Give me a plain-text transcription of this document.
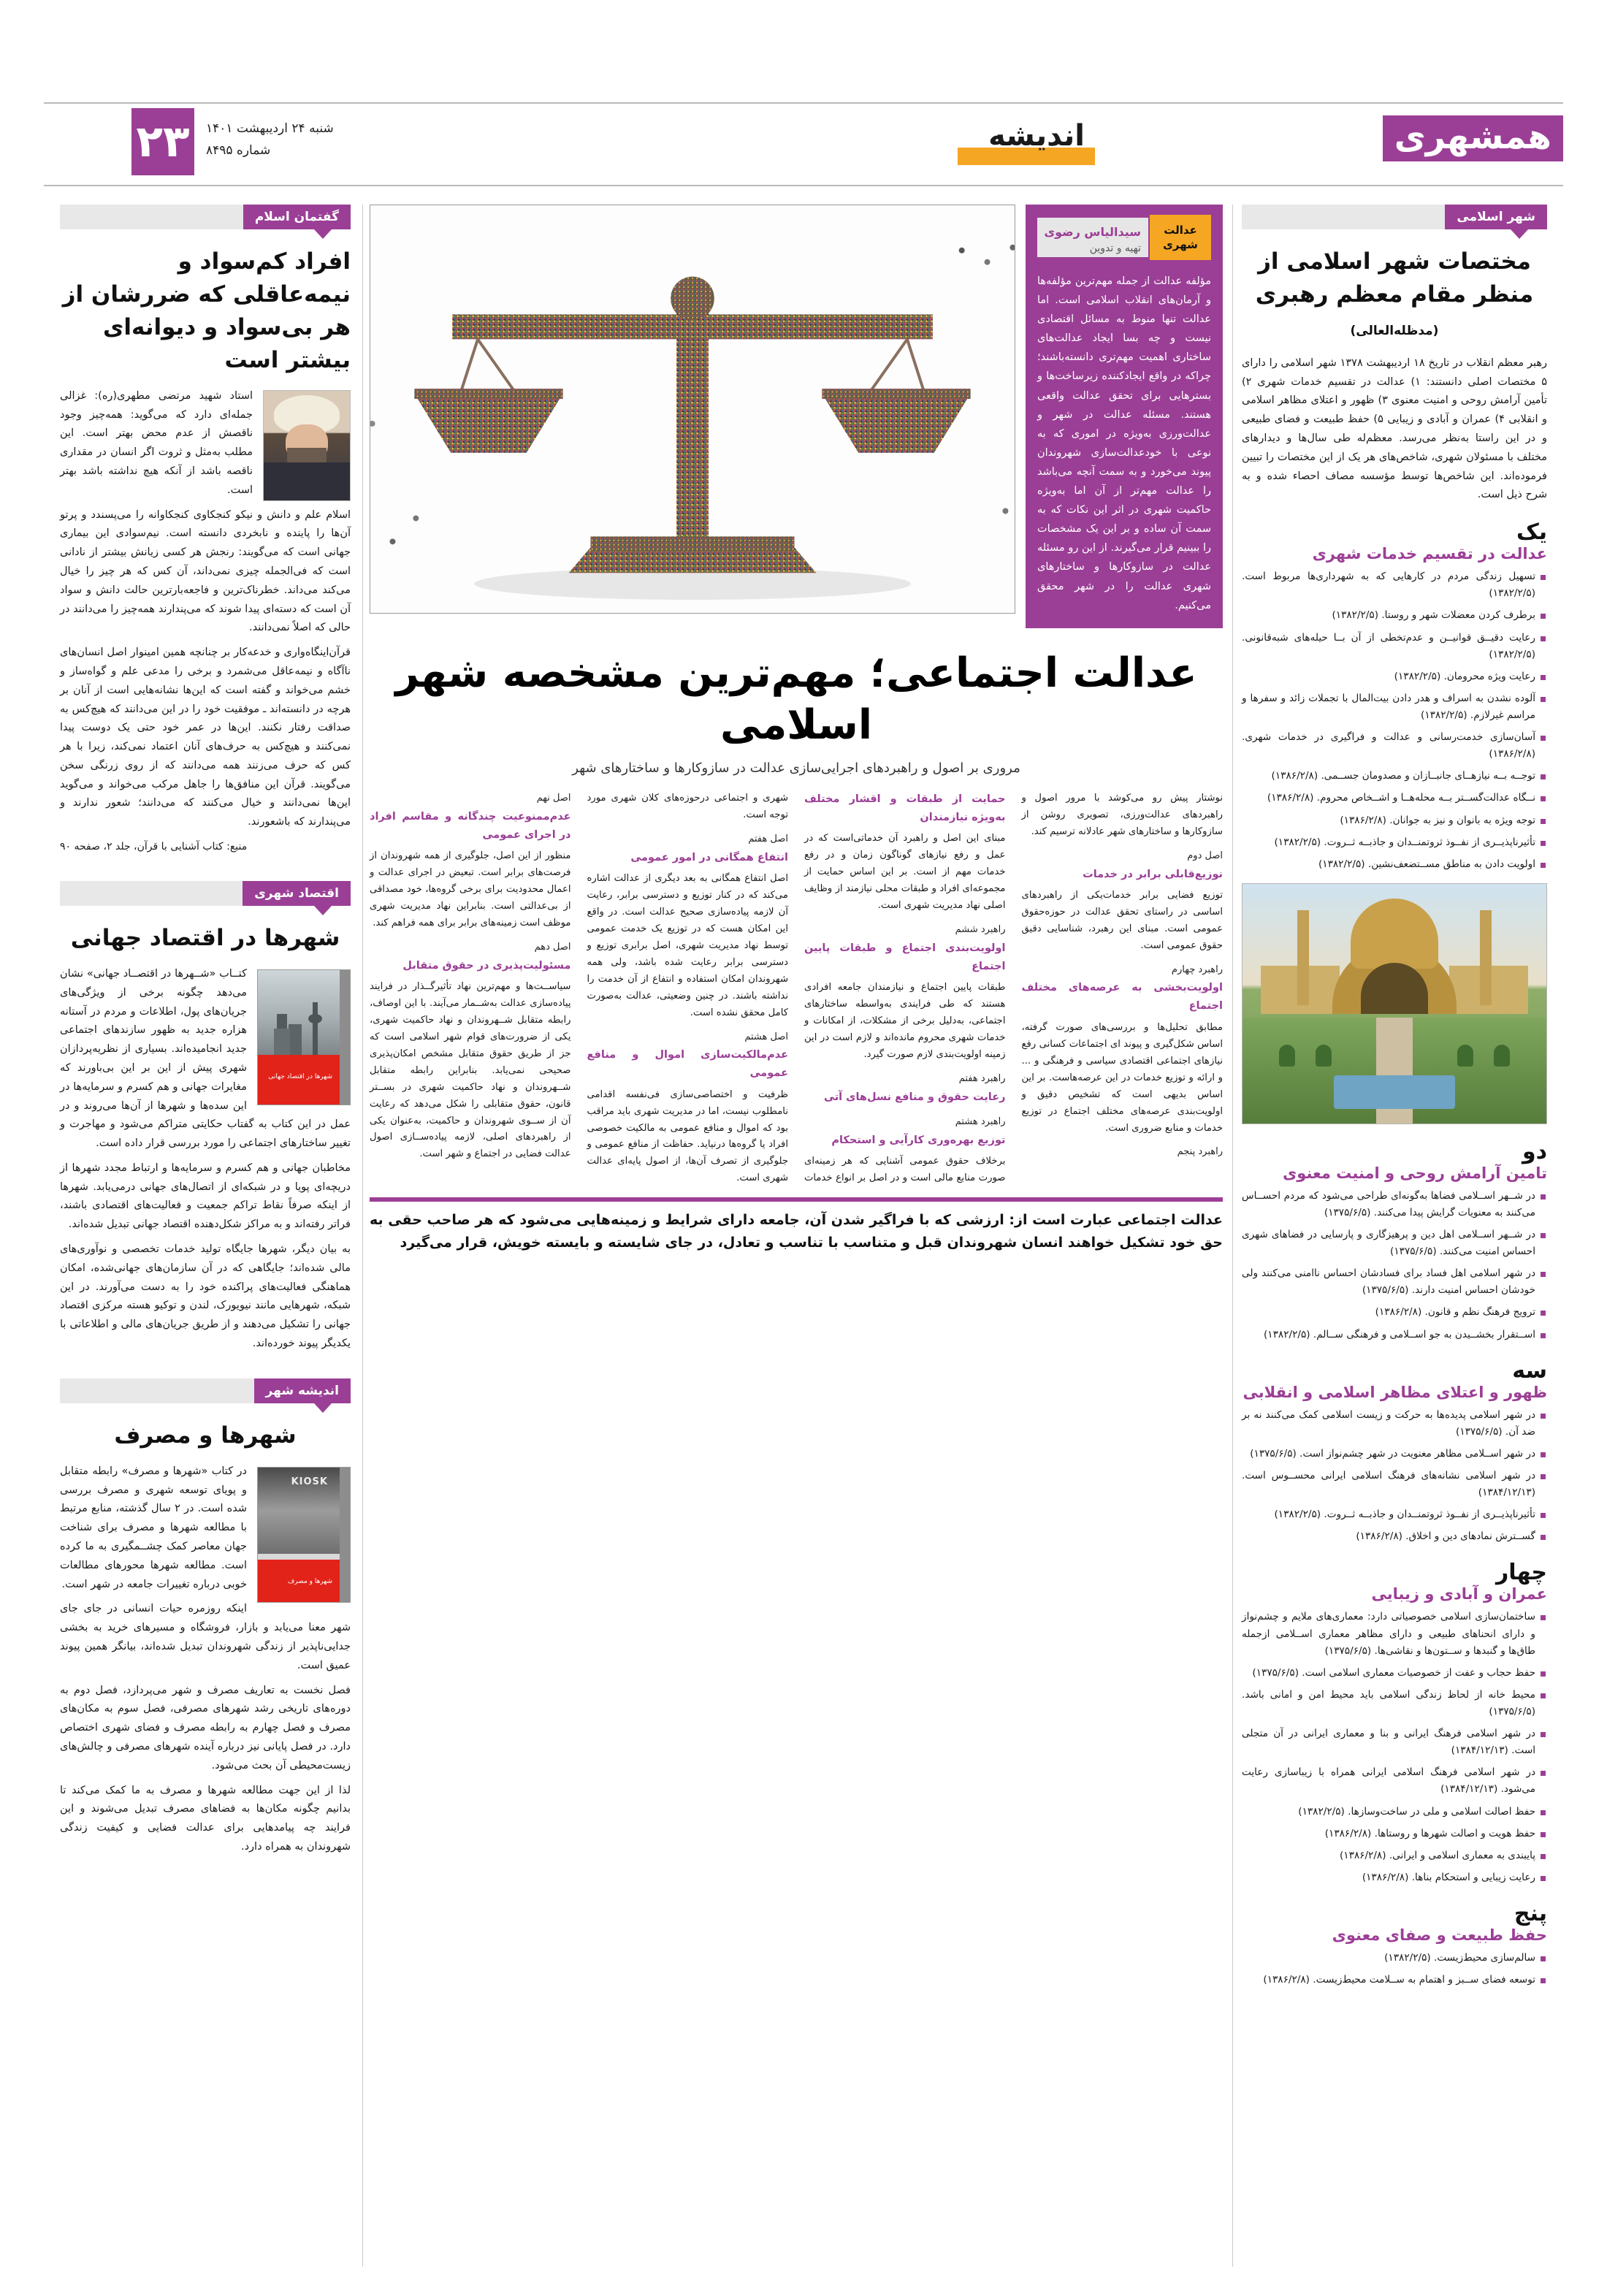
همشهری
اندیشه
۲۳	شنبه ۲۴ اردیبهشت ۱۴۰۱
شماره ۸۴۹۵
شهر اسلامی
مختصات شهر اسلامی از منظر مقام معظم رهبری (مدظله‌العالی)
رهبر معظم انقلاب در تاریخ ۱۸ اردیبهشت ۱۳۷۸ شهر اسلامی را دارای ۵ مختصات اصلی دانستند: ۱) عدالت در تقسیم خدمات شهری ۲) تأمین آرامش روحی و امنیت معنوی ۳) ظهور و اعتلای مظاهر اسلامی و انقلابی ۴) عمران و آبادی و زیبایی ۵) حفظ طبیعت و فضای طبیعی و در این راستا به‌نظر می‌رسد. معظم‌له طی سال‌ها و دیدارهای مختلف با مسئولان شهری، شاخص‌های هر یک از این مختصات را تبیین فرموده‌اند. این شاخص‌ها توسط مؤسسه مصاف احصاء شده و به شرح ذیل است.
یک
عدالت در تقسیم خدمات شهری
تسهیل زندگی مردم در کارهایی که به شهرداری‌ها مربوط است. (۱۳۸۲/۲/۵)
برطرف کردن معضلات شهر و روستا. (۱۳۸۲/۲/۵)
رعایت دقیــق قوانیــن و عدم‌تخطی از آن بــا حیله‌های شبه‌قانونی. (۱۳۸۲/۲/۵)
رعایت ویژه محرومان. (۱۳۸۲/۲/۵)
آلوده نشدن به اسراف و هدر دادن بیت‌المال با تجملات زائد و سفرها و مراسم غیرلازم. (۱۳۸۲/۲/۵)
آسان‌سازی خدمت‌رسانی و عدالت و فراگیری در خدمات شهری. (۱۳۸۶/۲/۸)
توجــه بــه نیازهــای جانبــازان و مصدومان جســمی. (۱۳۸۶/۲/۸)
نــگاه عدالت‌گســتر بــه محله‌هــا و اشــخاص محروم. (۱۳۸۶/۲/۸)
توجه ویژه به بانوان و نیز به جوانان. (۱۳۸۶/۲/۸)
تأثیرناپذیــری از نفــوذ ثروتمنــدان و جاذبــه ثــروت. (۱۳۸۲/۲/۵)
اولویت دادن به مناطق مســتضعف‌نشین. (۱۳۸۲/۲/۵)
دو
تامین آرامش روحی و امنیت معنوی
در شــهر اســلامی فضاها به‌گونه‌ای طراحی می‌شود که مردم احســاس می‌کنند به معنویات گرایش پیدا می‌کنند. (۱۳۷۵/۶/۵)
در شــهر اســلامی اهل دین و پرهیزگاری و پارسایی در فضاهای شهری احساس امنیت می‌کنند. (۱۳۷۵/۶/۵)
در شهر اسلامی اهل فساد برای فسادشان احساس ناامنی می‌کنند ولی خودشان احساس امنیت دارند. (۱۳۷۵/۶/۵)
ترویج فرهنگ نظم و قانون. (۱۳۸۶/۲/۸)
اســتقرار بخشــیدن به جو اســلامی و فرهنگی ســالم. (۱۳۸۲/۲/۵)
سه
ظهور و اعتلای مظاهر اسلامی و انقلابی
در شهر اسلامی پدیده‌ها به حرکت و زیست اسلامی کمک می‌کنند نه بر ضد آن. (۱۳۷۵/۶/۵)
در شهر اســلامی مظاهر معنویت در شهر چشم‌نواز است. (۱۳۷۵/۶/۵)
در شهر اسلامی نشانه‌های فرهنگ اسلامی ایرانی محســوس است. (۱۳۸۴/۱۲/۱۳)
تأثیرناپذیــری از نفــوذ ثروتمنــدان و جاذبــه ثــروت. (۱۳۸۲/۲/۵)
گســترش نمادهای دین و اخلاق. (۱۳۸۶/۲/۸)
چهار
عمران و آبادی و زیبایی
ساختمان‌سازی اسلامی خصوصیاتی دارد: معماری‌های ملایم و چشم‌نواز و دارای انحناهای طبیعی و دارای مظاهر معماری اســلامی ازجمله طاق‌ها و گنبدها و ســتون‌ها و نقاشی‌ها. (۱۳۷۵/۶/۵)
حفظ حجاب و عفت از خصوصیات معماری اسلامی است. (۱۳۷۵/۶/۵)
محیط خانه از لحاظ زندگی اسلامی باید محیط امن و امانی باشد. (۱۳۷۵/۶/۵)
در شهر اسلامی فرهنگ ایرانی و بنا و معماری ایرانی در آن متجلی است. (۱۳۸۴/۱۲/۱۳)
در شهر اسلامی فرهنگ اسلامی ایرانی همراه با زیباسازی رعایت می‌شود. (۱۳۸۴/۱۲/۱۳)
حفظ اصالت اسلامی و ملی در ساخت‌وسازها. (۱۳۸۲/۲/۵)
حفظ هویت و اصالت شهرها و روستاها. (۱۳۸۶/۲/۸)
پایبندی به معماری اسلامی و ایرانی. (۱۳۸۶/۲/۸)
رعایت زیبایی و استحکام بناها. (۱۳۸۶/۲/۸)
پنج
حفظ طبیعت و صفای معنوی
سالم‌سازی محیط‌زیست. (۱۳۸۲/۲/۵)
توسعه فضای ســبز و اهتمام به ســلامت محیط‌زیست. (۱۳۸۶/۲/۸)
عدالت شهری
سیدالیاس رضوی
تهیه و تدوین
مؤلفه عدالت از جمله مهم‌ترین مؤلفه‌ها و آرمان‌های انقلاب اسلامی است. اما عدالت تنها منوط به مسائل اقتصادی نیست و چه بسا ایجاد عدالت‌های ساختاری اهمیت مهم‌تری دانسته‌باشند؛ چراکه در واقع ایجادکننده زیرساخت‌ها و بستر‌هایی برای تحقق عدالت واقعی هستند. مسئله عدالت در شهر و عدالت‌ورزی به‌ویژه در اموری که به نوعی با خودعدالت‌سازی شهروندان پیوند می‌خورد و به سمت آنچه می‌باشد را عدالت مهم‌تر از آن اما به‌ویژه حاکمیت شهری در اثر این نکات که به سمت آن ساده و بر این یک مشخصات را ببینیم قرار می‌گیرند. ‌از این رو مسئله عدالت در سازوکارها و ساختارهای شهری عدالت را در شهر محقق می‌کنیم.
عدالت اجتماعی؛ مهم‌ترین مشخصه شهر اسلامی
مروری بر اصول و راهبردهای اجرایی‌سازی عدالت در سازوکارها و ساختارهای شهر

نوشتار پیش رو می‌کوشد با مرور اصول و راهبردهای عدالت‌ورزی، تصویری روشن از سازوکارها و ساختارهای شهر عادلانه ترسیم کند.

اصل دوم
نوزیع‌قابلی برابر در خدمات

توزیع فضایی برابر خدمات‌یکی از راهبردهای اساسی در راستای تحقق عدالت در حوزه‌حقوق عمومی است. مبنای این رهبرد، شناسایی دقیق حقوق عمومی است.

راهبرد چهارم
اولویت‌بخشی به عرصه‌های مختلف اجتماع

مطابق تحلیل‌ها و بررسی‌های صورت گرفته، اساس شکل‌گیری و پیوند ای اجتماعات کسانی رفع نیازهای اجتماعی‌ اقتصادی سیاسی و فرهنگی و ... و ارائه و توزیع خدمات در این عرصه‌هاست. بر این اساس بدیهی است که تشخیص دقیق و اولویت‌بندی عرصه‌های مختلف اجتماع در توزیع خدمات و منابع ضروری است.

راهبرد پنجم
حمایت از طبقات و اقشار مختلف به‌ویژه نیازمندان

مبنای این اصل و راهبرد آن خدماتی‌است که در عمل و رفع نیازهای گوناگون زمان و در رفع خدمات مهم از است. بر این اساس حمایت از مجموعه‌ای افراد و طبقات محلی نیازمند از وظایف اصلی نهاد مدیریت شهری است.

راهبرد ششم
اولویت‌بندی اجتماع و طبقات پایین اجتماع

طبقات پایین اجتماع و نیازمندان جامعه افرادی هستند که طی فرایندی به‌واسطه ساختارهای اجتماعی، به‌دلیل برخی از مشکلات، از امکانات و خدمات شهری محروم مانده‌اند و لازم است در این زمینه اولویت‌بندی لازم صورت گیرد.

راهبرد هفتم
رعایت حقوق و منافع نسل‌های آتی
راهبرد هشتم
توزیع بهره‌وری کارآیی و استحکام

برخلاف حقوق عمومی آشنایی که هر زمینه‌ای صورت منابع مالی است و در اصل بر انواع خدمات شهری و اجتماعی درحوزه‌های کلان شهری مورد توجه است.

اصل هفتم
انتفاع همگانی در امور عمومی

اصل انتفاع همگانی به بعد دیگری از عدالت اشاره می‌کند که در کنار توزیع و دسترسی برابر، رعایت آن لازمه پیاده‌سازی صحیح عدالت است. در واقع این امکان هست که در توزیع یک خدمت عمومی توسط نهاد مدیریت شهری، اصل برابری توزیع و دسترسی برابر رعایت شده باشد، ولی همه شهروندان امکان استفاده و انتفاع از آن خدمت را نداشته باشند. در چنین وضعیتی، عدالت به‌صورت کامل محقق نشده است.

اصل هشتم
عدم‌مالکیت‌سازی اموال و منافع عمومی

ظرفیت و اختصاصی‌سازی فی‌نفسه اقدامی نامطلوب نیست، اما در مدیریت شهری باید مراقب بود که اموال و منافع عمومی به مالکیت خصوصی افراد یا گروه‌ها درنیاید. حفاظت از منافع عمومی و جلوگیری از تصرف آن‌ها، از اصول پایه‌ای عدالت شهری است.

اصل نهم
عدم‌ممنوعیت چندگانه و مقاسم افراد در اجرای عمومی

منظور از این اصل، جلوگیری از همه شهروندان از فرصت‌های برابر است. تبعیض در اجرای عدالت و اعمال محدودیت برای برخی گروه‌ها، خود مصداقی از بی‌عدالتی است. بنابراین نهاد مدیریت شهری موظف است زمینه‌های برابر برای همه فراهم کند.

اصل دهم
مسئولیت‌پذیری در حقوق متقابل

سیاســت‌ها و مهم‌ترین نهاد تأثیرگــذار در فرایند پیاده‌سازی عدالت به‌شــمار می‌آیند. با این اوصاف، رابطه متقابل شــهروندان و نهاد حاکمیت شهری، یکی از ضرورت‌های قوام شهر اسلامی است که جز از طریق حقوق متقابل مشخص امکان‌پذیری صحیحی نمی‌یابد. بنابراین رابطه متقابل شــهروندان و نهاد حاکمیت شهری در بســتر قانون، حقوق متقابلی را شکل می‌دهد که رعایت آن از ســوی شهروندان و حاکمیت، به‌عنوان یکی از راهبردهای اصلی، لازمه پیاده‌ســازی اصول عدالت فضایی در اجتماع و شهر است.

عدالت اجتماعی عبارت است از: ارزشی که با فراگیر شدن آن، جامعه دارای شرایط و زمینه‌هایی می‌شود که هر صاحب حقی به حق خود تشکیل خواهند انسان شهروندان قبل و متناسب با تناسب و تعادل، در جای شایسته و بایسته خویش، قرار می‌گیرد
گفتمان اسلام
افراد کم‌سواد و نیمه‌عاقلی که ضررشان از هر بی‌سواد و دیوانه‌ای بیشتر است

استاد شهید مرتضی مطهری(ره):‌ غزالی جمله‌ای دارد که می‌گوید: همه‌چیز وجود ناقصش از عدم محض بهتر است. این مطلب به‌مثل و ثروت اگر انسان در مقداری ناقصه باشد از آنکه هیچ نداشته باشد بهتر است.

اسلام علم و دانش و نیکو کنجکاوی کنجکاوانه را می‌پسندد و پرتو آن‌ها را پاینده و نابخردی دانسته است. نیم‌سوادی این بیماری جهانی است که می‌گویند: رنجش هر کسی زیانش بیشتر از نادانی است که فی‌الجمله چیزی نمی‌داند، آن کس که هر چیز را خیال می‌کند می‌داند. خطرناک‌ترین و فاجعه‌بارترین حالت دانش و سواد آن است که دسته‌ای پیدا شوند که می‌پندارند همه‌چیز را می‌دانند در حالی که اصلاً نمی‌دانند.

قرآن‌اینگاه‌واری و خدعه‌کار بر چنانچه همین امینوار اصل انسان‌های ناآگاه و نیمه‌عاقل می‌شمرد و برخی را مدعی علم و گواه‌ساز و خشم می‌خواند و گفته است که این‌ها نشانه‌هایی است از آنان بر هرچه در دانسته‌اند ـ موفقیت خود را در این می‌دانند که هیچ‌کس به صداقت رفتار نکنند. این‌ها در عمر خود حتی یک دوست پیدا نمی‌کنند و هیچ‌کس به حرف‌های آنان اعتماد نمی‌کند، زیرا با هر کس که حرف می‌زنند همه می‌دانند که از روی زرنگی سخن می‌گویند. قرآن این منافق‌ها را جاهل مرکب می‌خواند و می‌گوید این‌ها نمی‌دانند و خیال می‌کنند که می‌دانند؛ شعور ندارند و می‌پندارند که باشعورند.

منبع: کتاب آشنایی با قرآن، جلد ۲، صفحه ۹۰
اقتصاد شهری
شهرها در اقتصاد جهانی
شهرها در اقتصاد جهانی

کتــاب «شــهرها در اقتصــاد جهانی» نشان می‌دهد چگونه برخی از ویژگی‌های جریان‌های پول، اطلاعات و مردم در آستانه هزاره جدید به ظهور سازندهای اجتماعی جدید انجامیده‌اند. بسیاری از نظریه‌پردازان شهری پیش از این بر این بی‌باورند که مغایرات جهانی و هم کسرم و سرمایه‌ها در این سده‌ها و شهرها از آن‌ها می‌روند و در عمل در این کتاب به گفتاب حکایتی متراکم می‌شود و مهاجرت و تغییر ساختارهای اجتماعی را مورد بررسی قرار داده است.

مخاطبان جهانی و هم کسرم و سرمایه‌ها و ارتباط مجدد شهرها از دریچه‌ای پویا و در شبکه‌ای از اتصال‌های جهانی درمی‌یابد. شهرها از اینکه صرفاً نقاط تراکم جمعیت و فعالیت‌های اقتصادی باشند، فراتر رفته‌اند و به مراکز شکل‌دهنده اقتصاد جهانی تبدیل شده‌اند.

به‌ بیان دیگر، شهرها جایگاه تولید خدمات تخصصی و نوآوری‌های مالی شده‌اند؛ جایگاهی که در آن سازمان‌های جهانی‌شده، امکان هماهنگی فعالیت‌های پراکنده خود را به دست می‌آورند. در این شبکه، شهرهایی مانند نیویورک، لندن و توکیو هسته مرکزی اقتصاد جهانی را تشکیل می‌دهند و از طریق جریان‌های مالی و اطلاعاتی با یکدیگر پیوند خورده‌اند.

اندیشه شهر
شهرها و مصرف
KIOSK
شهرها و مصرف

در کتاب «شهرها و مصرف» رابطه متقابل و پویای توسعه شهری و مصرف بررسی شده است. در ۲ سال گذشته، منابع مرتبط با مطالعه شهرها و مصرف برای شناخت جهان معاصر کمک چشــمگیری به ما کرده است. مطالعه شهرها محورهای مطالعات خوبی درباره تغییرات جامعه در شهر است.

اینکه روزمره حیات انسانی در جای جای شهر معنا می‌یابد و بازار، فروشگاه و مسیرهای خرید به بخشی جدایی‌ناپذیر از زندگی شهروندان تبدیل شده‌اند، بیانگر همین پیوند عمیق است.

فصل نخست به تعاریف مصرف و شهر می‌پردازد، فصل دوم به دوره‌های تاریخی رشد شهرهای مصرفی، فصل سوم به مکان‌های مصرف و فصل چهارم به رابطه مصرف و فضای شهری اختصاص دارد. در فصل پایانی نیز درباره آینده شهرهای مصرفی و چالش‌های زیست‌محیطی آن بحث می‌شود.

لذا از این جهت مطالعه شهرها و مصرف به ما کمک می‌کند تا بدانیم چگونه مکان‌ها به فضاهای مصرف تبدیل می‌شوند و این فرایند چه پیامدهایی برای عدالت فضایی و کیفیت زندگی شهروندان به همراه دارد.
